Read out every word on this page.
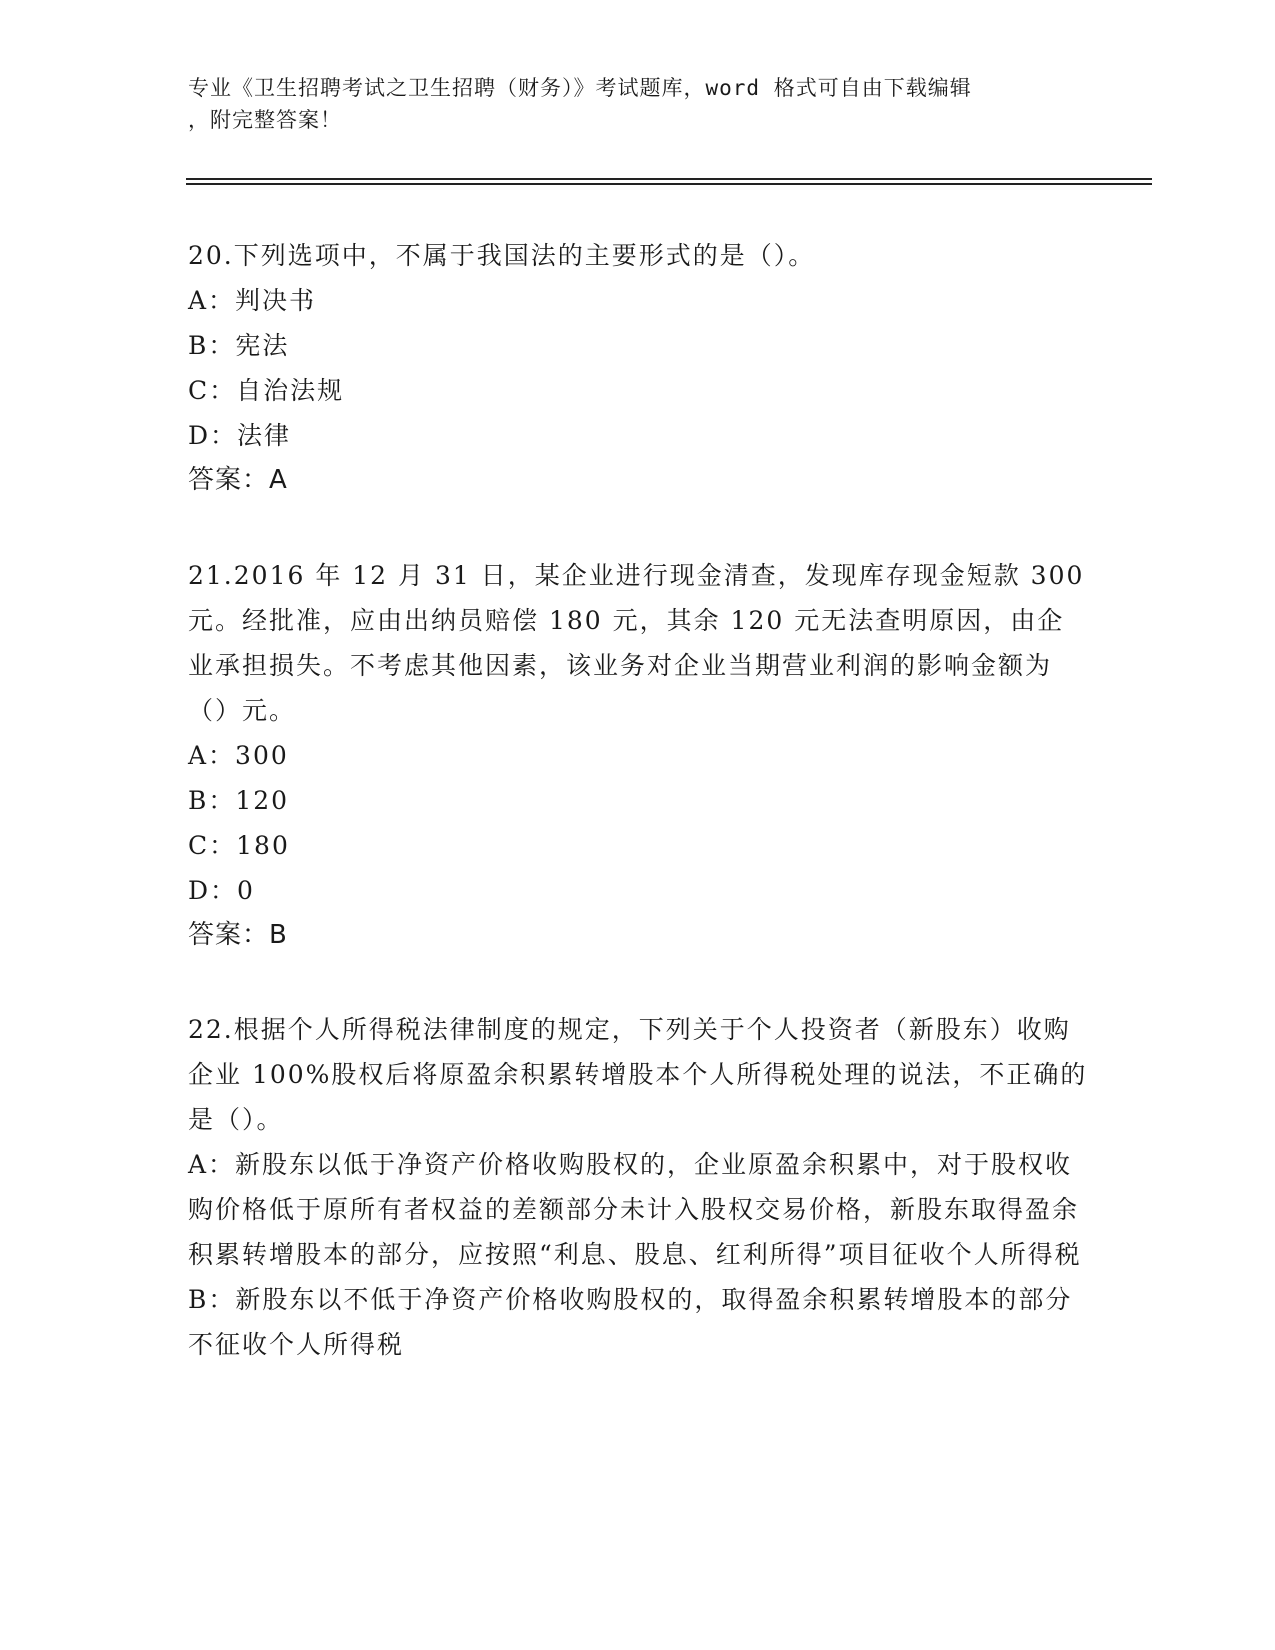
专业《卫生招聘考试之卫生招聘（财务）》考试题库，word 格式可自由下载编辑
，附完整答案！
20.下列选项中，不属于我国法的主要形式的是（）。
A：判决书
B：宪法
C：自治法规
D：法律
答案：A
21.2016 年 12 月 31 日，某企业进行现金清查，发现库存现金短款 300 元。经批准，应由出纳员赔偿 180 元，其余 120 元无法查明原因，由企业承担损失。不考虑其他因素，该业务对企业当期营业利润的影响金额为（）元。
A：300
B：120
C：180
D：0
答案：B
22.根据个人所得税法律制度的规定，下列关于个人投资者（新股东）收购企业 100%股权后将原盈余积累转增股本个人所得税处理的说法，不正确的是（）。
A：新股东以低于净资产价格收购股权的，企业原盈余积累中，对于股权收购价格低于原所有者权益的差额部分未计入股权交易价格，新股东取得盈余积累转增股本的部分，应按照“利息、股息、红利所得”项目征收个人所得税
B：新股东以不低于净资产价格收购股权的，取得盈余积累转增股本的部分不征收个人所得税
